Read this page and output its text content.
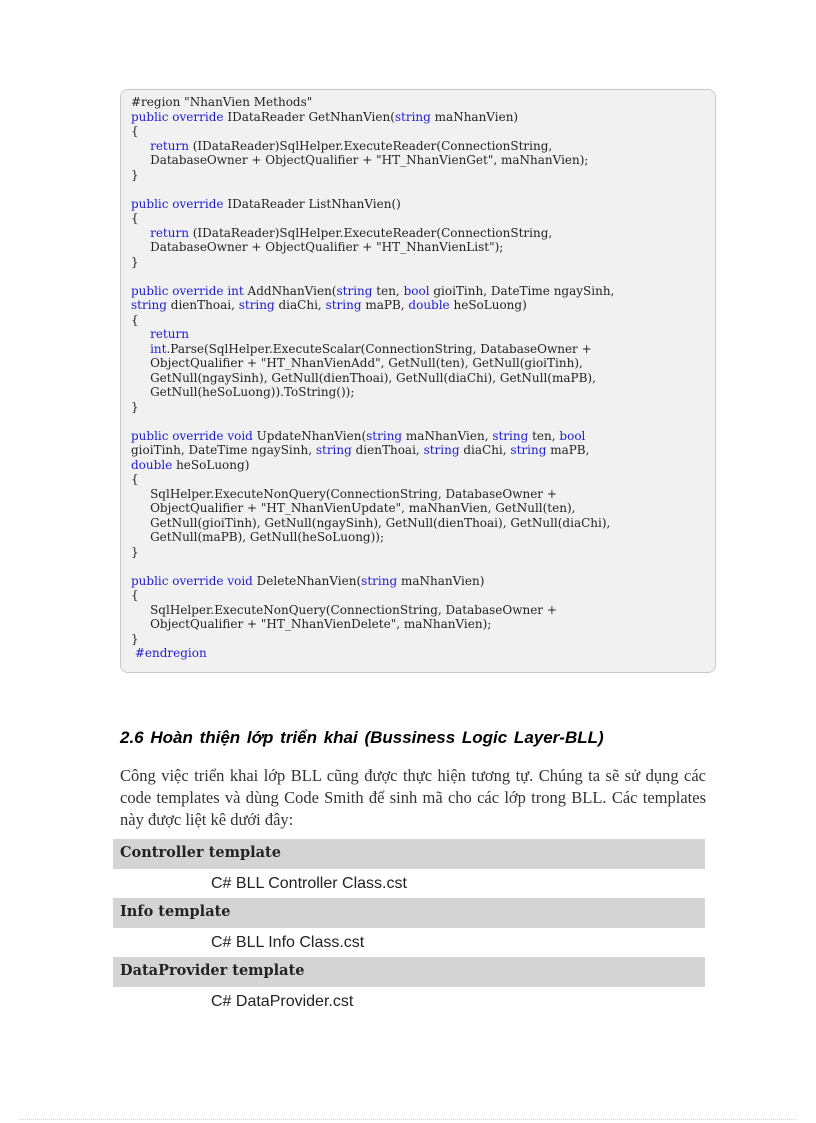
#region "NhanVien Methods"
public override IDataReader GetNhanVien(string maNhanVien)
{
return (IDataReader)SqlHelper.ExecuteReader(ConnectionString,
DatabaseOwner + ObjectQualifier + "HT_NhanVienGet", maNhanVien);
}

public override IDataReader ListNhanVien()
{
return (IDataReader)SqlHelper.ExecuteReader(ConnectionString,
DatabaseOwner + ObjectQualifier + "HT_NhanVienList");
}

public override int AddNhanVien(string ten, bool gioiTinh, DateTime ngaySinh,
string dienThoai, string diaChi, string maPB, double heSoLuong)
{
return
int.Parse(SqlHelper.ExecuteScalar(ConnectionString, DatabaseOwner +
ObjectQualifier + "HT_NhanVienAdd", GetNull(ten), GetNull(gioiTinh),
GetNull(ngaySinh), GetNull(dienThoai), GetNull(diaChi), GetNull(maPB),
GetNull(heSoLuong)).ToString());
}

public override void UpdateNhanVien(string maNhanVien, string ten, bool
gioiTinh, DateTime ngaySinh, string dienThoai, string diaChi, string maPB,
double heSoLuong)
{
SqlHelper.ExecuteNonQuery(ConnectionString, DatabaseOwner +
ObjectQualifier + "HT_NhanVienUpdate", maNhanVien, GetNull(ten),
GetNull(gioiTinh), GetNull(ngaySinh), GetNull(dienThoai), GetNull(diaChi),
GetNull(maPB), GetNull(heSoLuong));
}

public override void DeleteNhanVien(string maNhanVien)
{
SqlHelper.ExecuteNonQuery(ConnectionString, DatabaseOwner +
ObjectQualifier + "HT_NhanVienDelete", maNhanVien);
}
#endregion

2.6 Hoàn thiện lớp triển khai (Bussiness Logic Layer-BLL)

Công việc triển khai lớp BLL cũng được thực hiện tương tự. Chúng ta sẽ sử dụng các code templates và dùng Code Smith để sinh mã cho các lớp trong BLL. Các templates này được liệt kê dưới đây:

Controller template
C# BLL Controller Class.cst
Info template
C# BLL Info Class.cst
DataProvider template
C# DataProvider.cst
